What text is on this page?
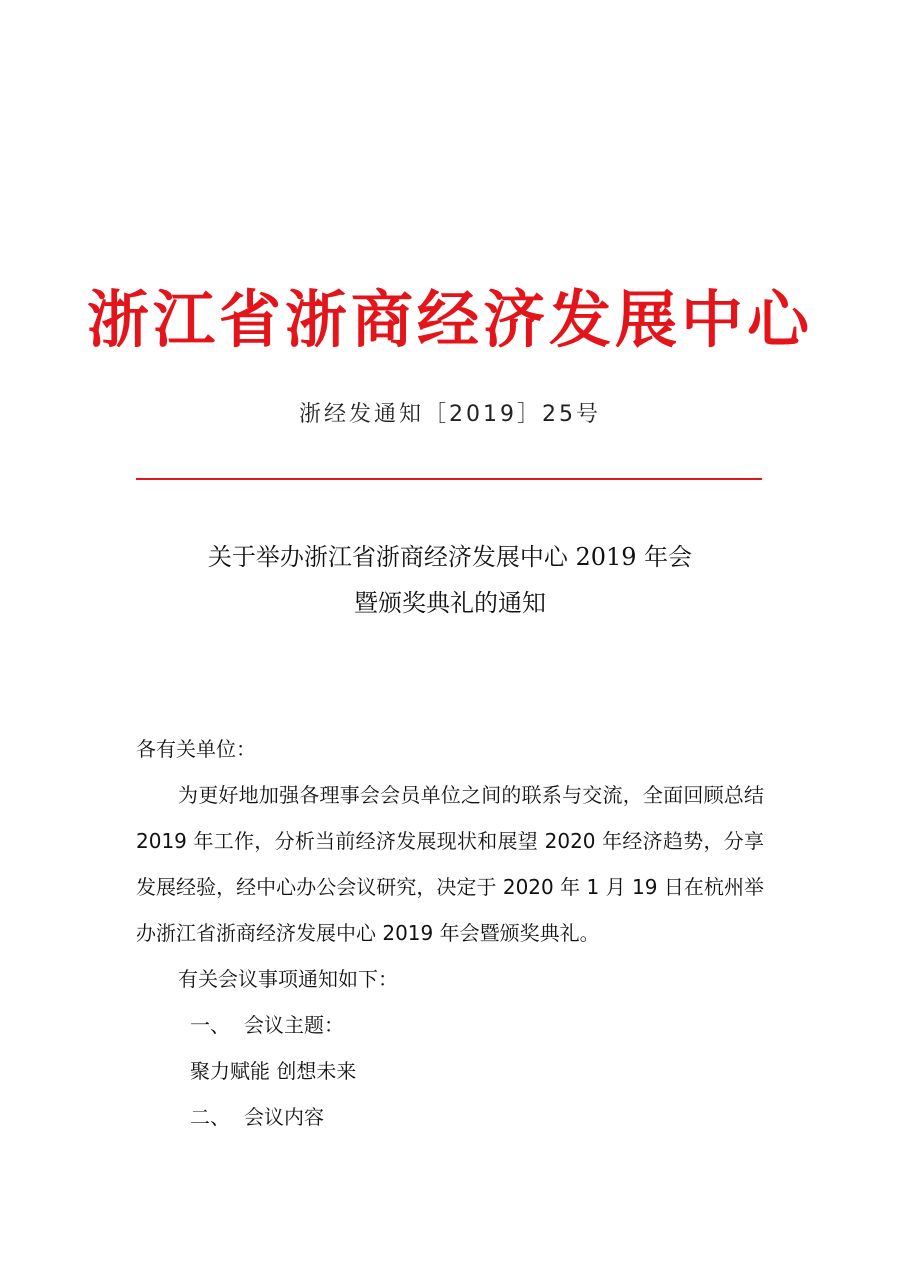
浙江省浙商经济发展中心
浙经发通知［2019］25号
关于举办浙江省浙商经济发展中心 2019 年会
暨颁奖典礼的通知
各有关单位：
为更好地加强各理事会会员单位之间的联系与交流，全面回顾总结 2019 年工作，分析当前经济发展现状和展望 2020 年经济趋势，分享发展经验，经中心办公会议研究，决定于 2020 年 1 月 19 日在杭州举办浙江省浙商经济发展中心 2019 年会暨颁奖典礼。
有关会议事项通知如下：
一、 会议主题：
聚力赋能 创想未来
二、 会议内容
